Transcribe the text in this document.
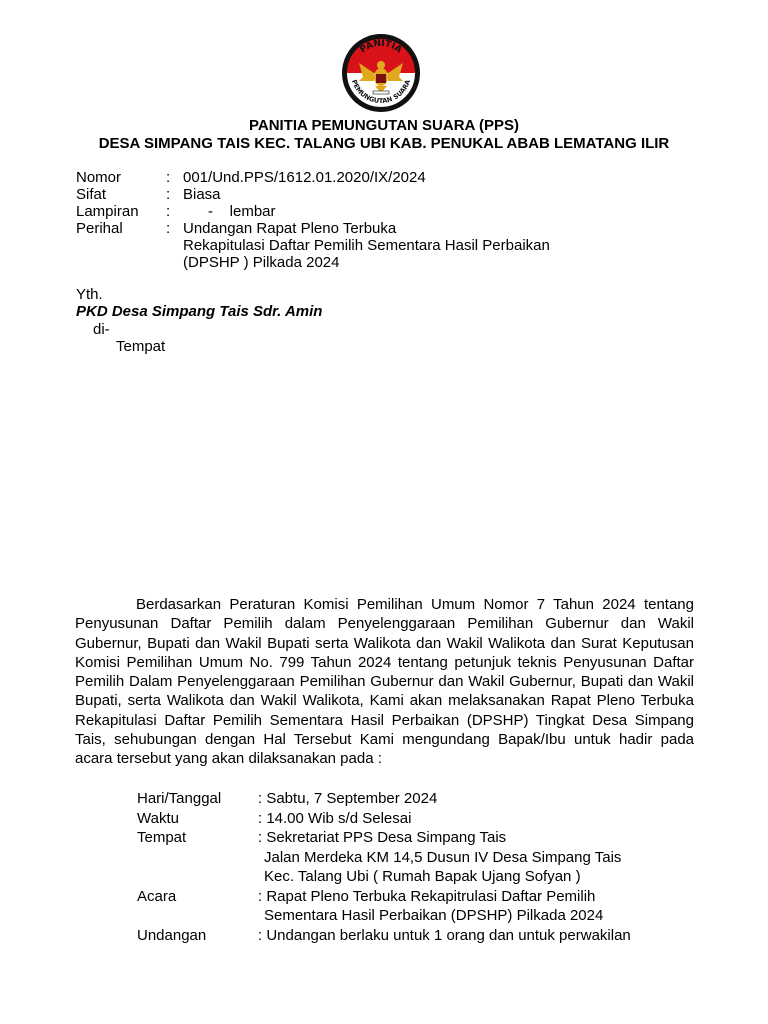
PANITIA
PEMUNGUTAN SUARA
PANITIA PEMUNGUTAN SUARA (PPS)
DESA SIMPANG TAIS KEC. TALANG UBI KAB. PENUKAL ABAB LEMATANG ILIR
Nomor	: 001/Und.PPS/1612.01.2020/IX/2024
Sifat	: Biasa
Lampiran	: -    lembar
Perihal	: Undangan Rapat Pleno Terbuka
Rekapitulasi Daftar Pemilih Sementara Hasil Perbaikan
(DPSHP ) Pilkada 2024
Yth.
PKD Desa Simpang Tais Sdr. Amin
di-
Tempat

Berdasarkan Peraturan Komisi Pemilihan Umum Nomor 7 Tahun 2024 tentang Penyusunan Daftar Pemilih dalam Penyelenggaraan Pemilihan Gubernur dan Wakil Gubernur, Bupati dan Wakil Bupati serta Walikota dan Wakil Walikota dan Surat Keputusan Komisi Pemilihan Umum No. 799 Tahun 2024 tentang petunjuk teknis Penyusunan Daftar Pemilih Dalam Penyelenggaraan Pemilihan Gubernur dan Wakil Gubernur, Bupati dan Wakil Bupati, serta Walikota dan Wakil Walikota, Kami akan melaksanakan Rapat Pleno Terbuka Rekapitulasi Daftar Pemilih Sementara Hasil Perbaikan (DPSHP) Tingkat Desa Simpang Tais, sehubungan dengan Hal Tersebut Kami mengundang Bapak/Ibu untuk hadir pada acara tersebut yang akan dilaksanakan pada :

Hari/Tanggal	: Sabtu, 7 September 2024
Waktu	: 14.00 Wib s/d Selesai
Tempat	: Sekretariat PPS Desa Simpang Tais
Jalan Merdeka KM 14,5 Dusun IV Desa Simpang Tais
Kec. Talang Ubi ( Rumah Bapak Ujang Sofyan )
Acara	: Rapat Pleno Terbuka Rekapitrulasi Daftar Pemilih
Sementara Hasil Perbaikan (DPSHP) Pilkada 2024
Undangan	: Undangan berlaku untuk 1 orang dan untuk perwakilan
